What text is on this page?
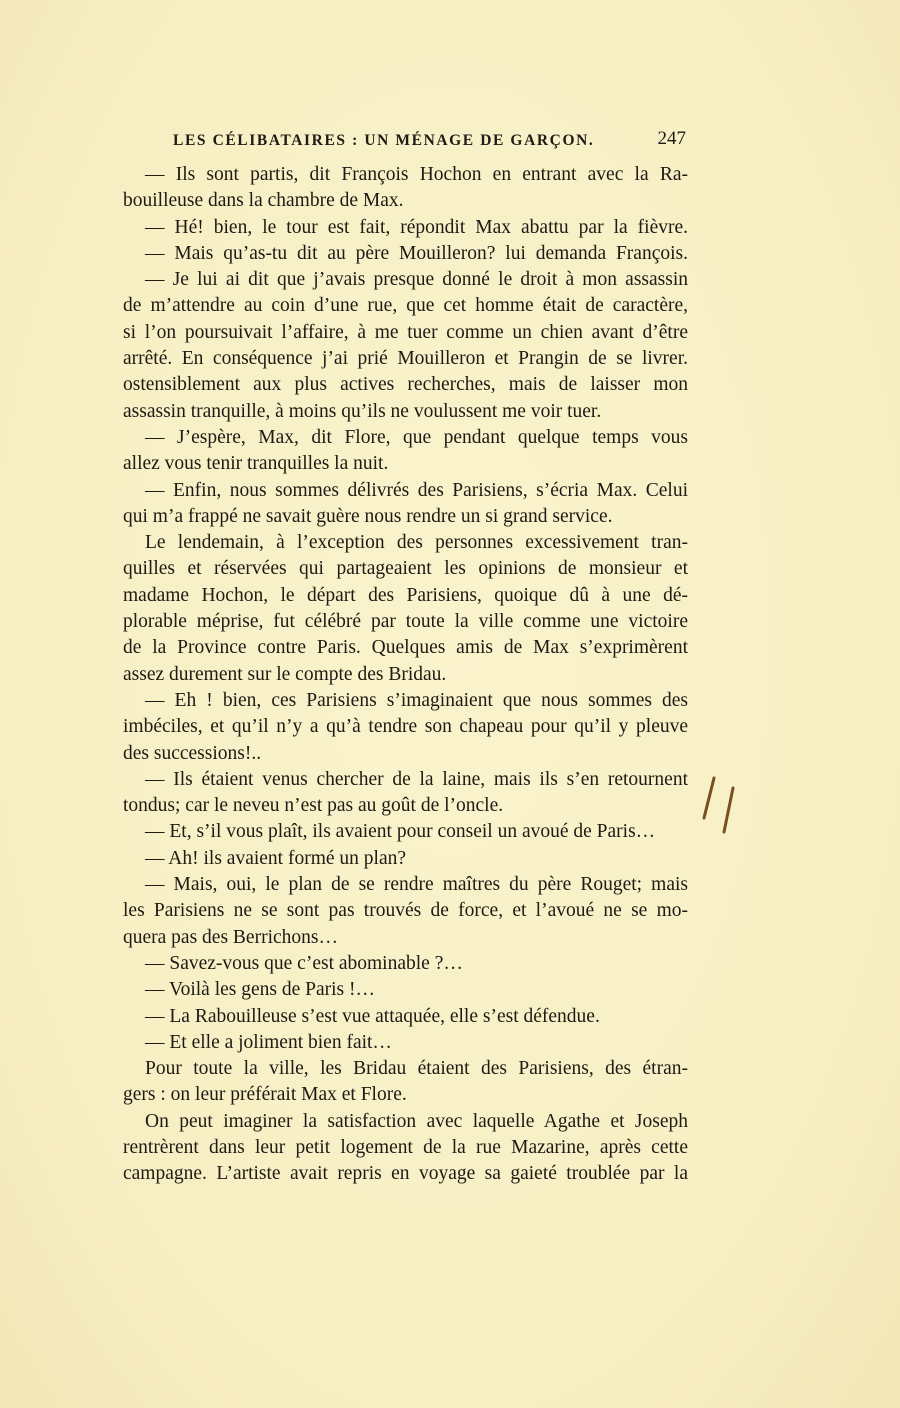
LES CÉLIBATAIRES : UN MÉNAGE DE GARÇON.	247
— Ils sont partis, dit François Hochon en entrant avec la Ra-
bouilleuse dans la chambre de Max.
— Hé! bien, le tour est fait, répondit Max abattu par la fièvre.
— Mais qu’as-tu dit au père Mouilleron? lui demanda François.
— Je lui ai dit que j’avais presque donné le droit à mon assassin
de m’attendre au coin d’une rue, que cet homme était de caractère,
si l’on poursuivait l’affaire, à me tuer comme un chien avant d’être
arrêté. En conséquence j’ai prié Mouilleron et Prangin de se livrer.
ostensiblement aux plus actives recherches, mais de laisser mon
assassin tranquille, à moins qu’ils ne voulussent me voir tuer.
— J’espère, Max, dit Flore, que pendant quelque temps vous
allez vous tenir tranquilles la nuit.
— Enfin, nous sommes délivrés des Parisiens, s’écria Max. Celui
qui m’a frappé ne savait guère nous rendre un si grand service.
Le lendemain, à l’exception des personnes excessivement tran-
quilles et réservées qui partageaient les opinions de monsieur et
madame Hochon, le départ des Parisiens, quoique dû à une dé-
plorable méprise, fut célébré par toute la ville comme une victoire
de la Province contre Paris. Quelques amis de Max s’exprimèrent
assez durement sur le compte des Bridau.
— Eh ! bien, ces Parisiens s’imaginaient que nous sommes des
imbéciles, et qu’il n’y a qu’à tendre son chapeau pour qu’il y pleuve
des successions!..
— Ils étaient venus chercher de la laine, mais ils s’en retournent
tondus; car le neveu n’est pas au goût de l’oncle.
— Et, s’il vous plaît, ils avaient pour conseil un avoué de Paris…
— Ah! ils avaient formé un plan?
— Mais, oui, le plan de se rendre maîtres du père Rouget; mais
les Parisiens ne se sont pas trouvés de force, et l’avoué ne se mo-
quera pas des Berrichons…
— Savez-vous que c’est abominable ?…
— Voilà les gens de Paris !…
— La Rabouilleuse s’est vue attaquée, elle s’est défendue.
— Et elle a joliment bien fait…
Pour toute la ville, les Bridau étaient des Parisiens, des étran-
gers : on leur préférait Max et Flore.
On peut imaginer la satisfaction avec laquelle Agathe et Joseph
rentrèrent dans leur petit logement de la rue Mazarine, après cette
campagne. L’artiste avait repris en voyage sa gaieté troublée par la
